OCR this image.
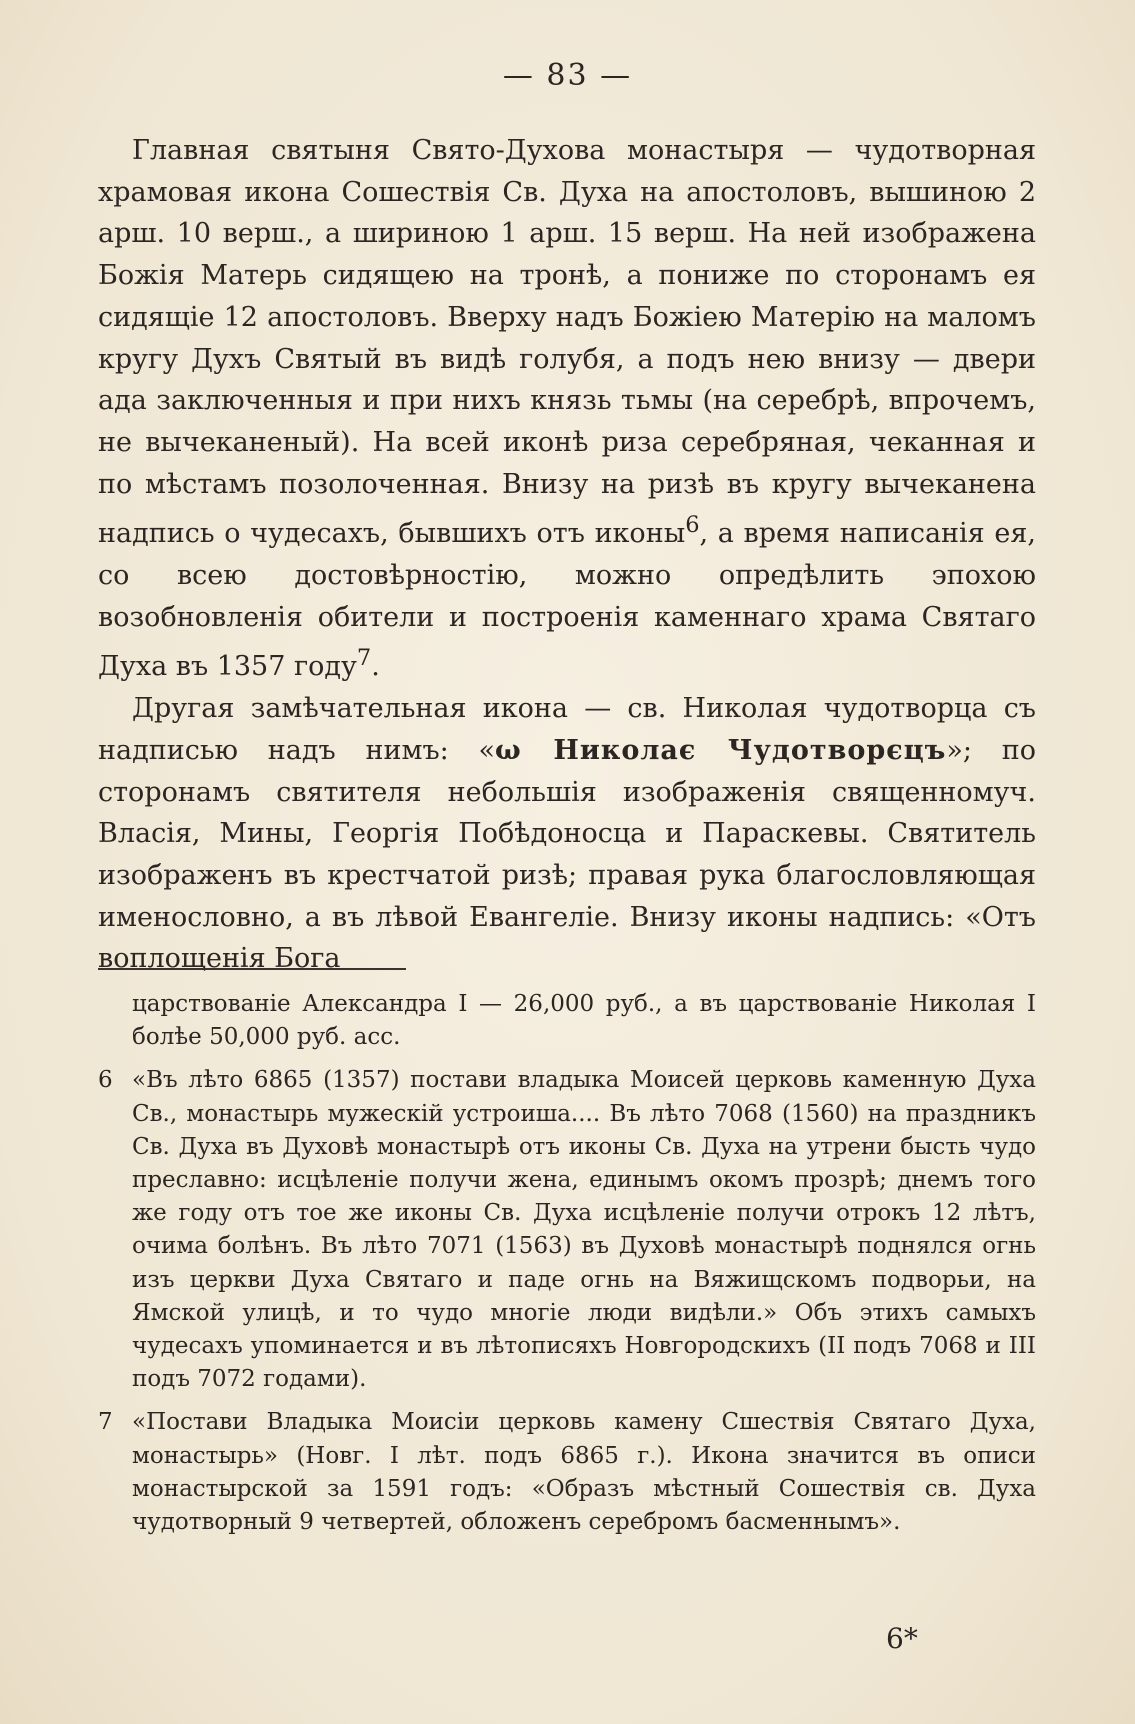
— 83 —

Главная святыня Свято-Духова монастыря — чудотворная храмовая икона Сошествія Св. Духа на апостоловъ, вышиною 2 арш. 10 верш., а шириною 1 арш. 15 верш. На ней изображена Божія Матерь сидящею на тронѣ, а пониже по сторонамъ ея сидящіе 12 апостоловъ. Вверху надъ Божіею Матерію на маломъ кругу Духъ Святый въ видѣ голубя, а подъ нею внизу — двери ада заключенныя и при нихъ князь тьмы (на серебрѣ, впрочемъ, не вычеканеный). На всей иконѣ риза серебряная, чеканная и по мѣстамъ позолоченная. Внизу на ризѣ въ кругу вычеканена надпись о чудесахъ, бывшихъ отъ иконы$^6$, а время написанія ея, со всею достовѣрностію, можно опредѣлить эпохою возобновленія обители и построенія каменнаго храма Святаго Духа въ 1357 году$^7$.

Другая замѣчательная икона — св. Николая чудотворца съ надписью надъ нимъ: «ω Николає Чудотворєцъ»; по сторонамъ святителя небольшія изображенія священномуч. Власія, Мины, Георгія Побѣдоносца и Параскевы. Святитель изображенъ въ крестчатой ризѣ; правая рука благословляющая именословно, а въ лѣвой Евангеліе. Внизу иконы надпись: «Отъ воплощенія Бога

царствованіе Александра I — 26,000 руб., а въ царствованіе Николая I болѣе 50,000 руб. асс.

6 «Въ лѣто 6865 (1357) постави владыка Моисей церковь каменную Духа Св., монастырь мужескій устроиша.... Въ лѣто 7068 (1560) на праздникъ Св. Духа въ Духовѣ монастырѣ отъ иконы Св. Духа на утрени бысть чудо преславно: исцѣленіе получи жена, единымъ окомъ прозрѣ; днемъ того же году отъ тое же иконы Св. Духа исцѣленіе получи отрокъ 12 лѣтъ, очима болѣнъ. Въ лѣто 7071 (1563) въ Духовѣ монастырѣ поднялся огнь изъ церкви Духа Святаго и паде огнь на Вяжищскомъ подворьи, на Ямской улицѣ, и то чудо многіе люди видѣли.» Объ этихъ самыхъ чудесахъ упоминается и въ лѣтописяхъ Новгородскихъ (II подъ 7068 и III подъ 7072 годами).
7 «Постави Владыка Моисіи церковь камену Сшествія Святаго Духа, монастырь» (Новг. I лѣт. подъ 6865 г.). Икона значится въ описи монастырской за 1591 годъ: «Образъ мѣстный Сошествія св. Духа чудотворный 9 четвертей, обложенъ серебромъ басменнымъ».
6*
